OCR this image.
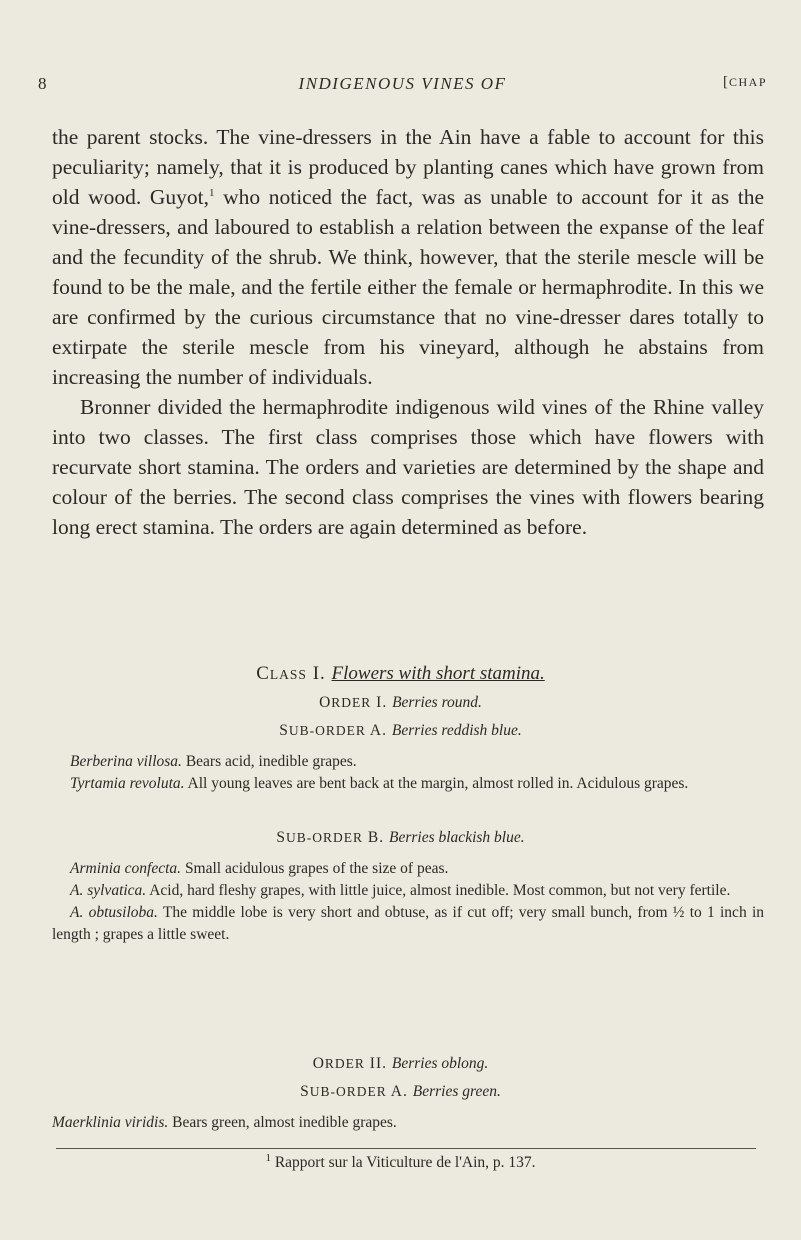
8	INDIGENOUS VINES OF	[CHAP

the parent stocks. The vine-dressers in the Ain have a fable to account for this peculiarity; namely, that it is produced by planting canes which have grown from old wood. Guyot,$^1$ who noticed the fact, was as unable to account for it as the vine-dressers, and laboured to establish a relation between the expanse of the leaf and the fecundity of the shrub. We think, however, that the sterile mescle will be found to be the male, and the fertile either the female or hermaphrodite. In this we are confirmed by the curious circumstance that no vine-dresser dares totally to extirpate the sterile mescle from his vineyard, although he abstains from increasing the number of individuals.

Bronner divided the hermaphrodite indigenous wild vines of the Rhine valley into two classes. The first class comprises those which have flowers with recurvate short stamina. The orders and varieties are determined by the shape and colour of the berries. The second class comprises the vines with flowers bearing long erect stamina. The orders are again determined as before.

CLASS I. Flowers with short stamina.
ORDER I. Berries round.
SUB-ORDER A. Berries reddish blue.

Berberina villosa. Bears acid, inedible grapes.

Tyrtamia revoluta. All young leaves are bent back at the margin, almost rolled in. Acidulous grapes.

SUB-ORDER B. Berries blackish blue.

Arminia confecta. Small acidulous grapes of the size of peas.

A. sylvatica. Acid, hard fleshy grapes, with little juice, almost inedible. Most common, but not very fertile.

A. obtusiloba. The middle lobe is very short and obtuse, as if cut off; very small bunch, from ½ to 1 inch in length ; grapes a little sweet.

ORDER II. Berries oblong.
SUB-ORDER A. Berries green.

Maerklinia viridis. Bears green, almost inedible grapes.

$^1$ Rapport sur la Viticulture de l'Ain, p. 137.
